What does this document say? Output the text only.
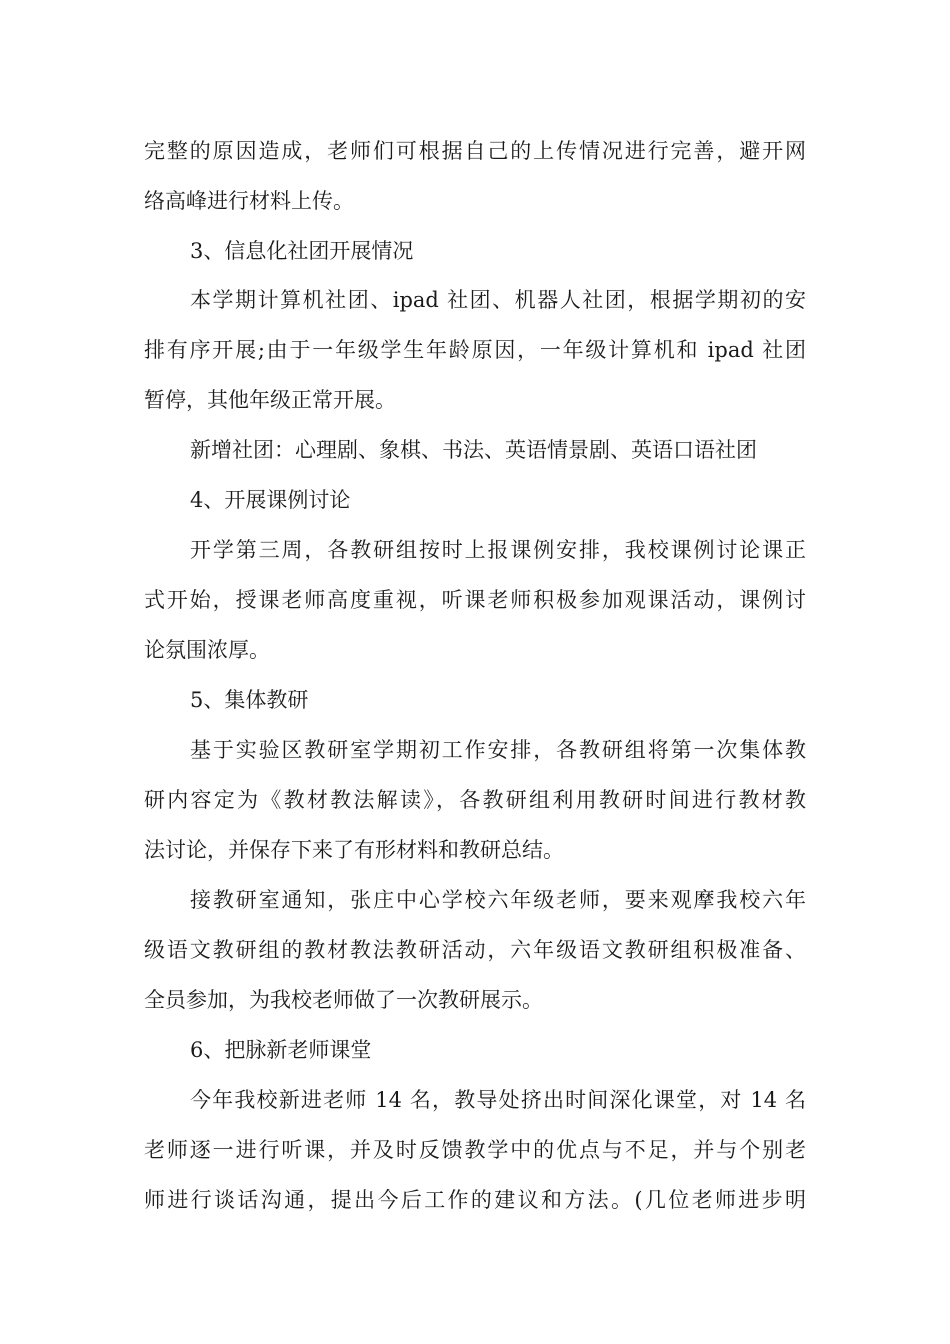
完整的原因造成，老师们可根据自己的上传情况进行完善，避开网
络高峰进行材料上传。
3、信息化社团开展情况
本学期计算机社团、ipad 社团、机器人社团，根据学期初的安
排有序开展;由于一年级学生年龄原因，一年级计算机和 ipad 社团
暂停，其他年级正常开展。
新增社团：心理剧、象棋、书法、英语情景剧、英语口语社团
4、开展课例讨论
开学第三周，各教研组按时上报课例安排，我校课例讨论课正
式开始，授课老师高度重视，听课老师积极参加观课活动，课例讨
论氛围浓厚。
5、集体教研
基于实验区教研室学期初工作安排，各教研组将第一次集体教
研内容定为《教材教法解读》，各教研组利用教研时间进行教材教
法讨论，并保存下来了有形材料和教研总结。
接教研室通知，张庄中心学校六年级老师，要来观摩我校六年
级语文教研组的教材教法教研活动，六年级语文教研组积极准备、
全员参加，为我校老师做了一次教研展示。
6、把脉新老师课堂
今年我校新进老师 14 名，教导处挤出时间深化课堂，对 14 名
老师逐一进行听课，并及时反馈教学中的优点与不足，并与个别老
师进行谈话沟通，提出今后工作的建议和方法。(几位老师进步明
